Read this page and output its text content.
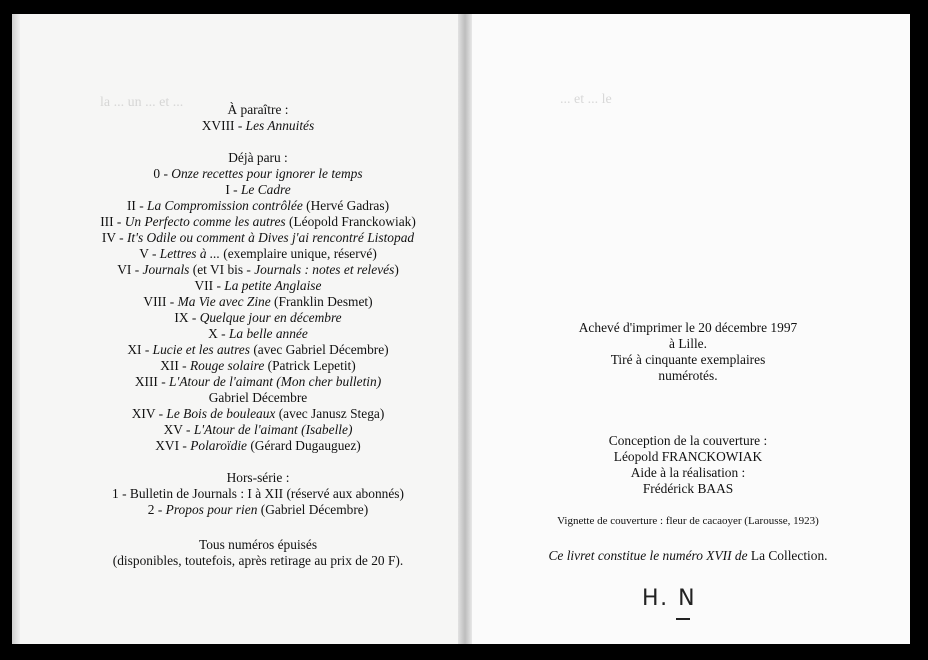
la ... un ... et ...	... et ... le
À paraître :
XVIII - Les Annuités
Déjà paru :
0 - Onze recettes pour ignorer le temps
I - Le Cadre
II - La Compromission contrôlée (Hervé Gadras)
III - Un Perfecto comme les autres (Léopold Franckowiak)
IV - It's Odile ou comment à Dives j'ai rencontré Listopad
V - Lettres à ... (exemplaire unique, réservé)
VI - Journals (et VI bis - Journals : notes et relevés)
VII - La petite Anglaise
VIII - Ma Vie avec Zine (Franklin Desmet)
IX - Quelque jour en décembre
X - La belle année
XI - Lucie et les autres (avec Gabriel Décembre)
XII - Rouge solaire (Patrick Lepetit)
XIII - L'Atour de l'aimant (Mon cher bulletin)
Gabriel Décembre
XIV - Le Bois de bouleaux (avec Janusz Stega)
XV - L'Atour de l'aimant (Isabelle)
XVI - Polaroïdie (Gérard Dugauguez)
Hors-série :
1 - Bulletin de Journals : I à XII (réservé aux abonnés)
2 - Propos pour rien (Gabriel Décembre)
Tous numéros épuisés
(disponibles, toutefois, après retirage au prix de 20 F).
Achevé d'imprimer le 20 décembre 1997
à Lille.
Tiré à cinquante exemplaires
numérotés.
Conception de la couverture :
Léopold FRANCKOWIAK
Aide à la réalisation :
Frédérick BAAS
Vignette de couverture : fleur de cacaoyer (Larousse, 1923)
Ce livret constitue le numéro XVII de La Collection.
H. N
